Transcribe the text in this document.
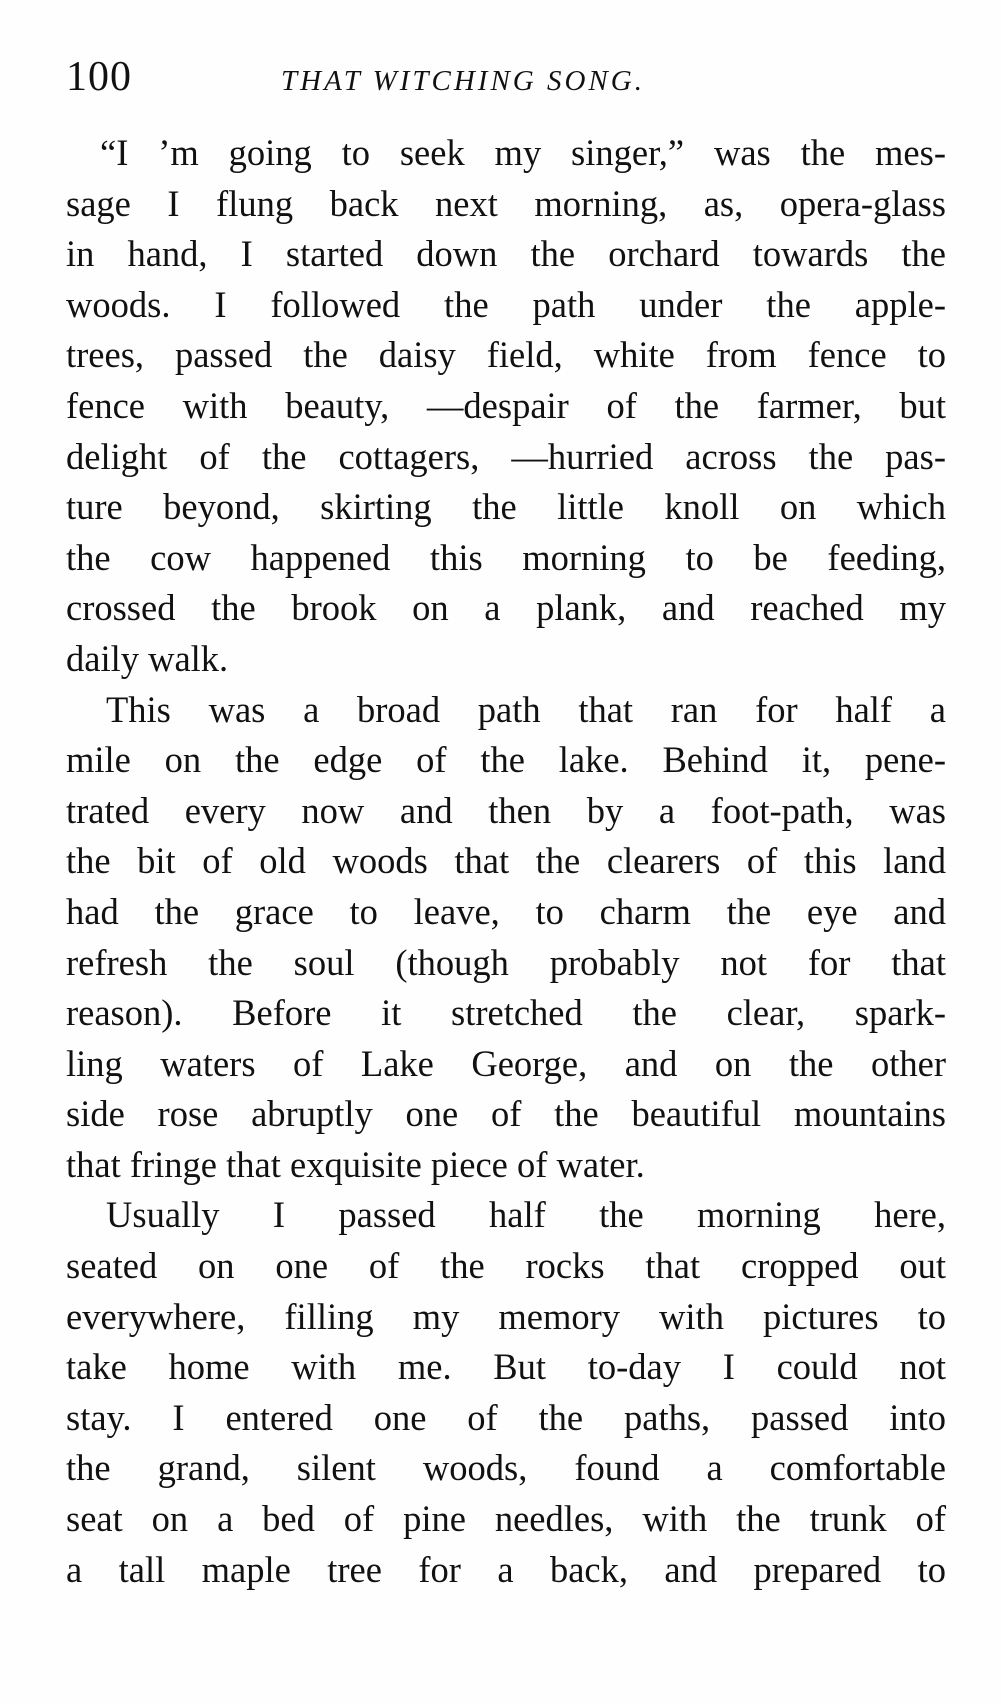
100	THAT WITCHING SONG.
“I ’m going to seek my singer,” was the mes-
sage I flung back next morning, as, opera-glass
in hand, I started down the orchard towards the
woods. I followed the path under the apple-
trees, passed the daisy field, white from fence to
fence with beauty, —despair of the farmer, but
delight of the cottagers, —hurried across the pas-
ture beyond, skirting the little knoll on which
the cow happened this morning to be feeding,
crossed the brook on a plank, and reached my
daily walk.
This was a broad path that ran for half a
mile on the edge of the lake. Behind it, pene-
trated every now and then by a foot-path, was
the bit of old woods that the clearers of this land
had the grace to leave, to charm the eye and
refresh the soul (though probably not for that
reason). Before it stretched the clear, spark-
ling waters of Lake George, and on the other
side rose abruptly one of the beautiful mountains
that fringe that exquisite piece of water.
Usually I passed half the morning here,
seated on one of the rocks that cropped out
everywhere, filling my memory with pictures to
take home with me. But to-day I could not
stay. I entered one of the paths, passed into
the grand, silent woods, found a comfortable
seat on a bed of pine needles, with the trunk of
a tall maple tree for a back, and prepared to
